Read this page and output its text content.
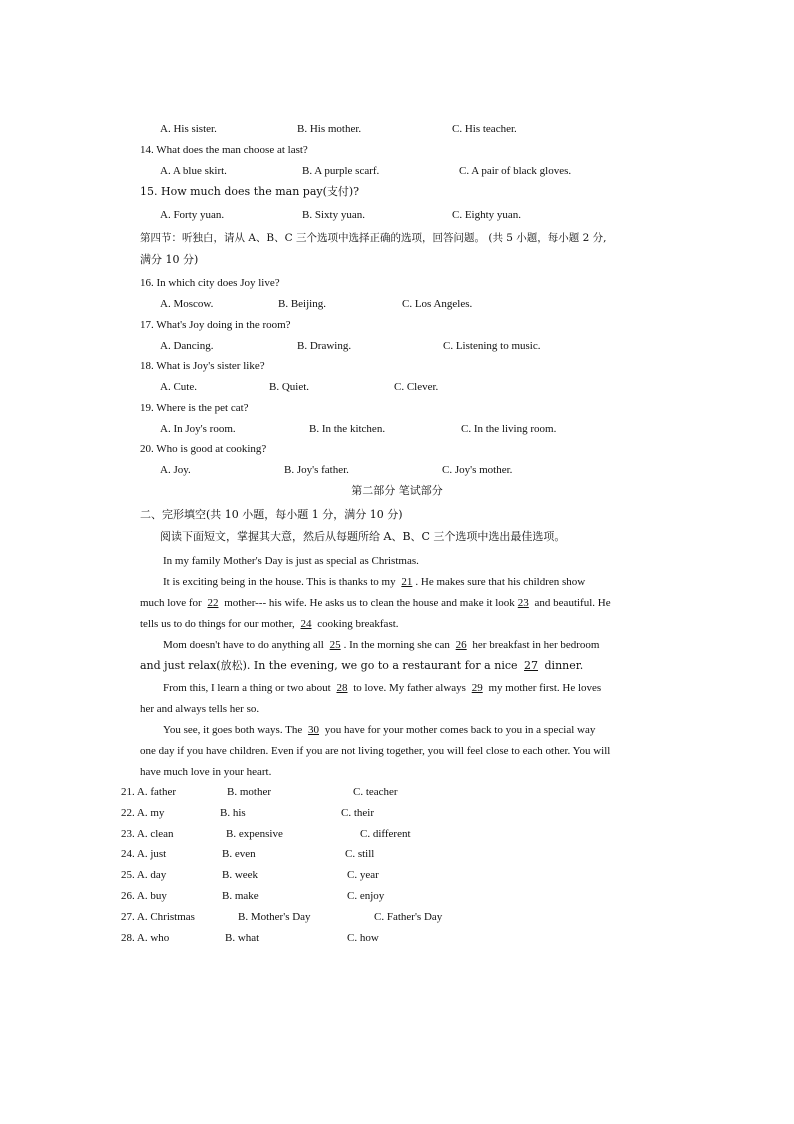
A. His sister.	B. His mother.	C. His teacher.
14. What does the man choose at last?
A. A blue skirt.	B. A purple scarf.	C. A pair of black gloves.
15. How much does the man pay(支付)?
A. Forty yuan.	B. Sixty yuan.	C. Eighty yuan.
第四节：听独白，请从 A、B、C 三个选项中选择正确的选项，回答问题。 (共 5 小题，每小题 2 分,
满分 10 分)
16. In which city does Joy live?
A. Moscow.	B. Beijing.	C. Los Angeles.
17. What's Joy doing in the room?
A. Dancing.	B. Drawing.	C. Listening to music.
18. What is Joy's sister like?
A. Cute.	B. Quiet.	C. Clever.
19. Where is the pet cat?
A. In Joy's room.	B. In the kitchen.	C. In the living room.
20. Who is good at cooking?
A. Joy.	B. Joy's father.	C. Joy's mother.
第二部分 笔试部分
二、完形填空(共 10 小题，每小题 1 分，满分 10 分)
阅读下面短文，掌握其大意，然后从每题所给 A、B、C 三个选项中选出最佳选项。
In my family Mother's Day is just as special as Christmas.
It is exciting being in the house. This is thanks to my 21 . He makes sure that his children show
much love for 22 mother--- his wife. He asks us to clean the house and make it look 23 and beautiful. He
tells us to do things for our mother, 24 cooking breakfast.
Mom doesn't have to do anything all 25 . In the morning she can 26 her breakfast in her bedroom
and just relax(放松). In the evening, we go to a restaurant for a nice 27 dinner.
From this, I learn a thing or two about 28 to love. My father always 29 my mother first. He loves
her and always tells her so.
You see, it goes both ways. The 30 you have for your mother comes back to you in a special way
one day if you have children. Even if you are not living together, you will feel close to each other. You will
have much love in your heart.
21. A. father	B. mother	C. teacher
22. A. my	B. his	C. their
23. A. clean	B. expensive	C. different
24. A. just	B. even	C. still
25. A. day	B. week	C. year
26. A. buy	B. make	C. enjoy
27. A. Christmas	B. Mother's Day	C. Father's Day
28. A. who	B. what	C. how
